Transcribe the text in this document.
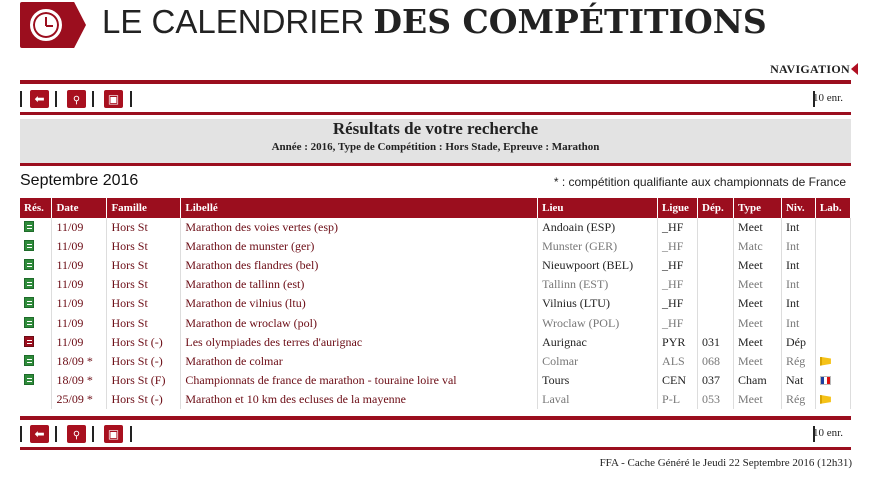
LE CALENDRIER DES COMPÉTITIONS
NAVIGATION
⬅	⚲	▣	10 enr.
Résultats de votre recherche
Année : 2016, Type de Compétition : Hors Stade, Epreuve : Marathon
Septembre 2016	* : compétition qualifiante aux championnats de France
Rés.	Date	Famille	Libellé	Lieu	Ligue	Dép.	Type	Niv.	Lab.
	11/09	Hors St	Marathon des voies vertes (esp)	Andoain (ESP)	_HF		Meet	Int	
	11/09	Hors St	Marathon de munster (ger)	Munster (GER)	_HF		Matc	Int	
	11/09	Hors St	Marathon des flandres (bel)	Nieuwpoort (BEL)	_HF		Meet	Int	
	11/09	Hors St	Marathon de tallinn (est)	Tallinn (EST)	_HF		Meet	Int	
	11/09	Hors St	Marathon de vilnius (ltu)	Vilnius (LTU)	_HF		Meet	Int	
	11/09	Hors St	Marathon de wroclaw (pol)	Wroclaw (POL)	_HF		Meet	Int	
	11/09	Hors St (-)	Les olympiades des terres d'aurignac	Aurignac	PYR	031	Meet	Dép	
	18/09 *	Hors St (-)	Marathon de colmar	Colmar	ALS	068	Meet	Rég	
	18/09 *	Hors St (F)	Championnats de france de marathon - touraine loire val	Tours	CEN	037	Cham	Nat	
	25/09 *	Hors St (-)	Marathon et 10 km des ecluses de la mayenne	Laval	P-L	053	Meet	Rég	
⬅	⚲	▣	10 enr.
FFA - Cache Généré le Jeudi 22 Septembre 2016 (12h31)
